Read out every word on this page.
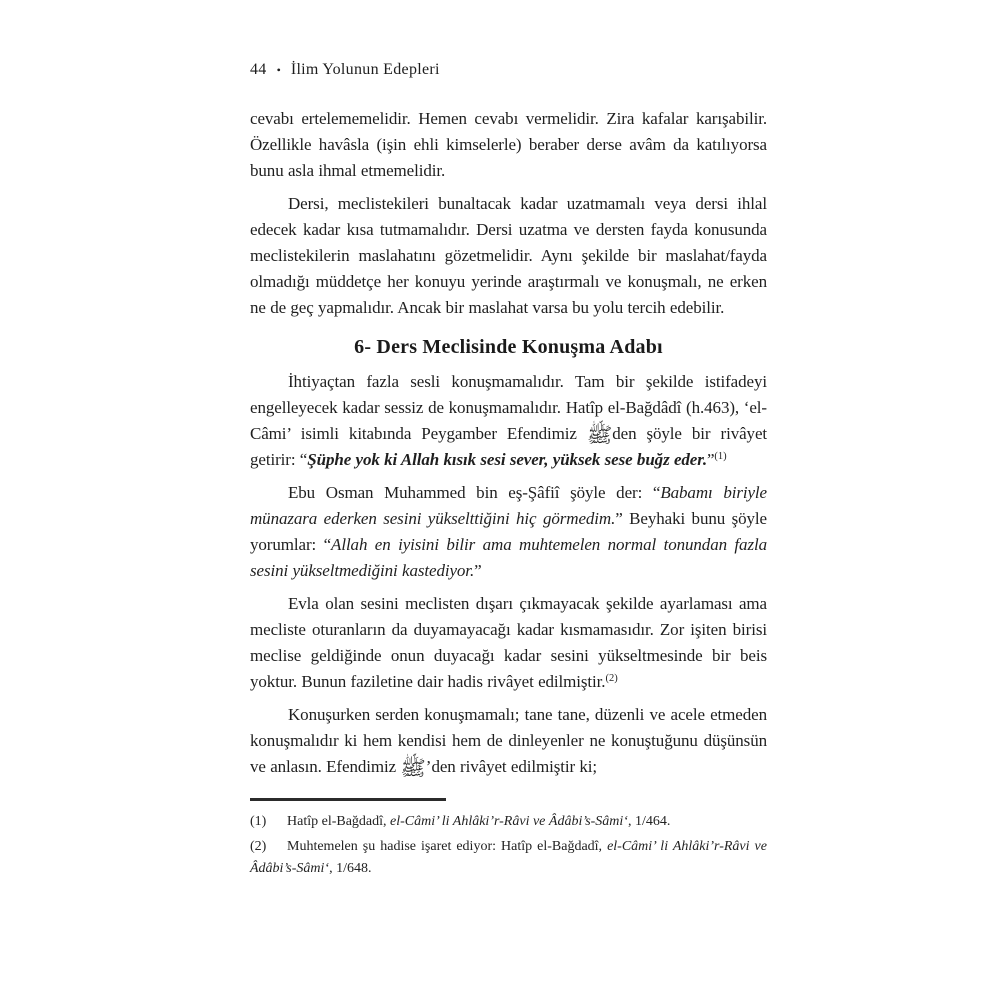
44 • İlim Yolunun Edepleri

cevabı ertelememelidir. Hemen cevabı vermelidir. Zira kafalar karışabilir. Özellikle havâsla (işin ehli kimselerle) beraber derse avâm da katılıyorsa bunu asla ihmal etmemelidir.

Dersi, meclistekileri bunaltacak kadar uzatmamalı veya dersi ihlal edecek kadar kısa tutmamalıdır. Dersi uzatma ve dersten fayda konusunda meclistekilerin maslahatını gözetmelidir. Aynı şekilde bir maslahat/fayda olmadığı müddetçe her konuyu yerinde araştırmalı ve konuşmalı, ne erken ne de geç yapmalıdır. Ancak bir maslahat varsa bu yolu tercih edebilir.

6- Ders Meclisinde Konuşma Adabı

İhtiyaçtan fazla sesli konuşmamalıdır. Tam bir şekilde istifadeyi engelleyecek kadar sessiz de konuşmamalıdır. Hatîp el-Bağdâdî (h.463), ‘el-Câmi’ isimli kitabında Peygamber Efendimiz ﷺden şöyle bir rivâyet getirir: “Şüphe yok ki Allah kısık sesi sever, yüksek sese buğz eder.”$^{(1)}$

Ebu Osman Muhammed bin eş-Şâfiî şöyle der: “Babamı biriyle münazara ederken sesini yükselttiğini hiç görmedim.” Beyhaki bunu şöyle yorumlar: “Allah en iyisini bilir ama muhtemelen normal tonundan fazla sesini yükseltmediğini kastediyor.”

Evla olan sesini meclisten dışarı çıkmayacak şekilde ayarlaması ama mecliste oturanların da duyamayacağı kadar kısmamasıdır. Zor işiten birisi meclise geldiğinde onun duyacağı kadar sesini yükseltmesinde bir beis yoktur. Bunun faziletine dair hadis rivâyet edilmiştir.$^{(2)}$

Konuşurken serden konuşmamalı; tane tane, düzenli ve acele etmeden konuşmalıdır ki hem kendisi hem de dinleyenler ne konuştuğunu düşünsün ve anlasın. Efendimiz ﷺ’den rivâyet edilmiştir ki;

(1) Hatîp el-Bağdadî, el-Câmi’ li Ahlâki’r-Râvi ve Âdâbi’s-Sâmi‘, 1/464.
(2) Muhtemelen şu hadise işaret ediyor: Hatîp el-Bağdadî, el-Câmi’ li Ahlâki’r-Râvi ve Âdâbi’s-Sâmi‘, 1/648.
